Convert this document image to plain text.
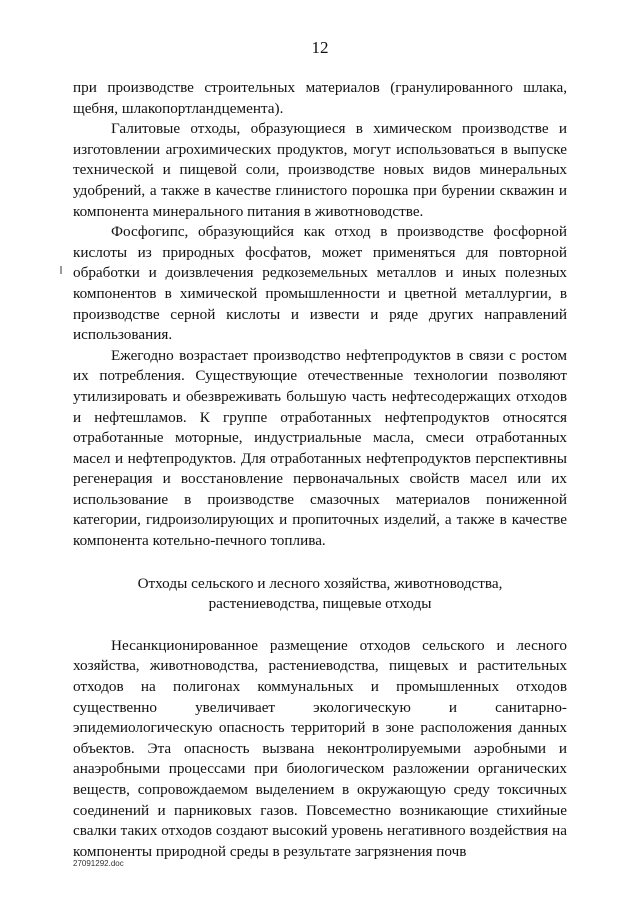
12

при производстве строительных материалов (гранулированного шлака, щебня, шлакопортландцемента).

Галитовые отходы, образующиеся в химическом производстве и изготовлении агрохимических продуктов, могут использоваться в выпуске технической и пищевой соли, производстве новых видов минеральных удобрений, а также в качестве глинистого порошка при бурении скважин и компонента минерального питания в животноводстве.

Фосфогипс, образующийся как отход в производстве фосфорной кислоты из природных фосфатов, может применяться для повторной обработки и доизвлечения редкоземельных металлов и иных полезных компонентов в химической промышленности и цветной металлургии, в производстве серной кислоты и извести и ряде других направлений использования.

Ежегодно возрастает производство нефтепродуктов в связи с ростом их потребления. Существующие отечественные технологии позволяют утилизировать и обезвреживать большую часть нефтесодержащих отходов и нефтешламов. К группе отработанных нефтепродуктов относятся отработанные моторные, индустриальные масла, смеси отработанных масел и нефтепродуктов. Для отработанных нефтепродуктов перспективны регенерация и восстановление первоначальных свойств масел или их использование в производстве смазочных материалов пониженной категории, гидроизолирующих и пропиточных изделий, а также в качестве компонента котельно-печного топлива.

Отходы сельского и лесного хозяйства, животноводства,
растениеводства, пищевые отходы

Несанкционированное размещение отходов сельского и лесного хозяйства, животноводства, растениеводства, пищевых и растительных отходов на полигонах коммунальных и промышленных отходов существенно увеличивает экологическую и санитарно-эпидемиологическую опасность территорий в зоне расположения данных объектов. Эта опасность вызвана неконтролируемыми аэробными и анаэробными процессами при биологическом разложении органических веществ, сопровождаемом выделением в окружающую среду токсичных соединений и парниковых газов. Повсеместно возникающие стихийные свалки таких отходов создают высокий уровень негативного воздействия на компоненты природной среды в результате загрязнения почв

27091292.doc
